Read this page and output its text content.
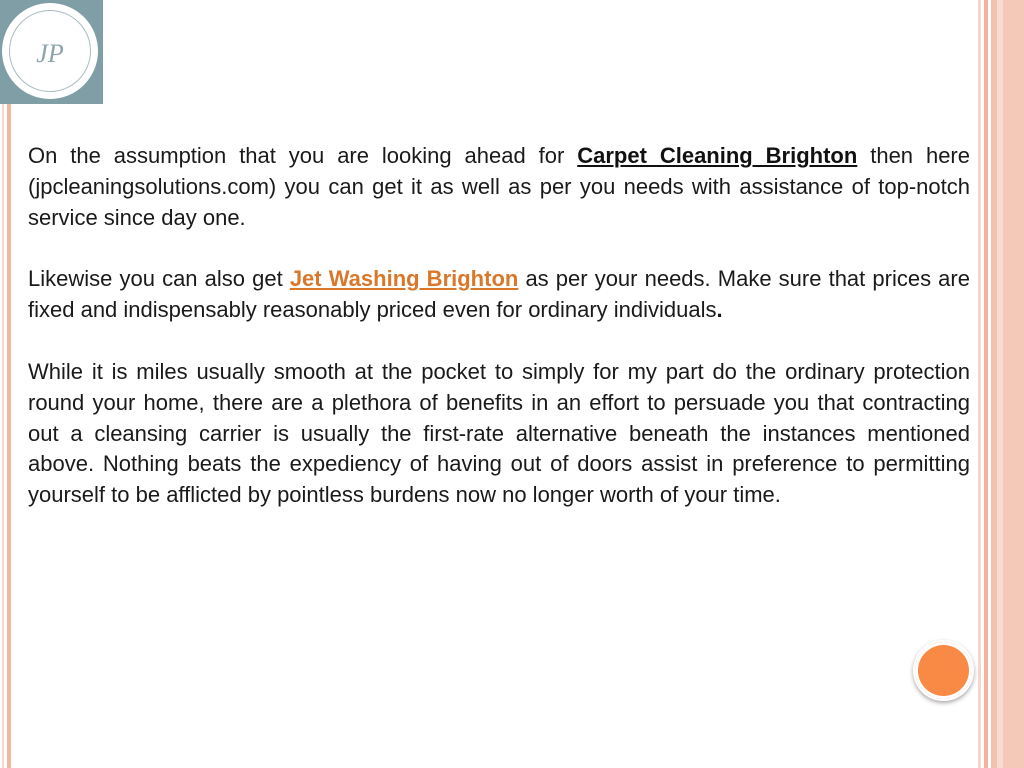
JP

On the assumption that you are looking ahead for Carpet Cleaning Brighton then here (jpcleaningsolutions.com) you can get it as well as per you needs with assistance of top-notch service since day one.

Likewise you can also get Jet Washing Brighton as per your needs. Make sure that prices are fixed and indispensably reasonably priced even for ordinary individuals.

While it is miles usually smooth at the pocket to simply for my part do the ordinary protection round your home, there are a plethora of benefits in an effort to persuade you that contracting out a cleansing carrier is usually the first-rate alternative beneath the instances mentioned above. Nothing beats the expediency of having out of doors assist in preference to permitting yourself to be afflicted by pointless burdens now no longer worth of your time.
